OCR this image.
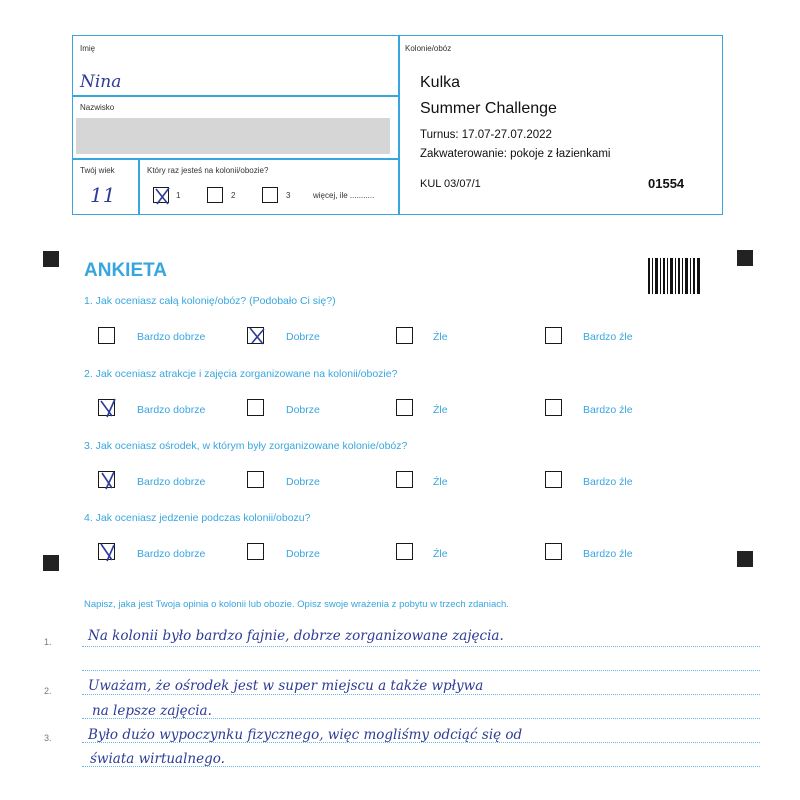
Imię
Nina
Nazwisko
Twój wiek
11
Który raz jesteś na kolonii/obozie?
1	2	3	więcej, ile ...........
Kolonie/obóz
Kulka
Summer Challenge
Turnus: 17.07-27.07.2022
Zakwaterowanie: pokoje z łazienkami
KUL 03/07/1	01554
ANKIETA
1. Jak oceniasz całą kolonię/obóz? (Podobało Ci się?)
Bardzo dobrze	Dobrze	Źle	Bardzo źle
2. Jak oceniasz atrakcje i zajęcia zorganizowane na kolonii/obozie?
Bardzo dobrze	Dobrze	Źle	Bardzo źle
3. Jak oceniasz ośrodek, w którym były zorganizowane kolonie/obóz?
Bardzo dobrze	Dobrze	Źle	Bardzo źle
4. Jak oceniasz jedzenie podczas kolonii/obozu?
Bardzo dobrze	Dobrze	Źle	Bardzo źle
Napisz, jaka jest Twoja opinia o kolonii lub obozie. Opisz swoje wrażenia z pobytu w trzech zdaniach.
1.
2.
3.
Na kolonii było bardzo fajnie, dobrze zorganizowane zajęcia.
Uważam, że ośrodek jest w super miejscu a także wpływa
na lepsze zajęcia.
Było dużo wypoczynku fizycznego, więc mogliśmy odciąć się od
świata wirtualnego.
